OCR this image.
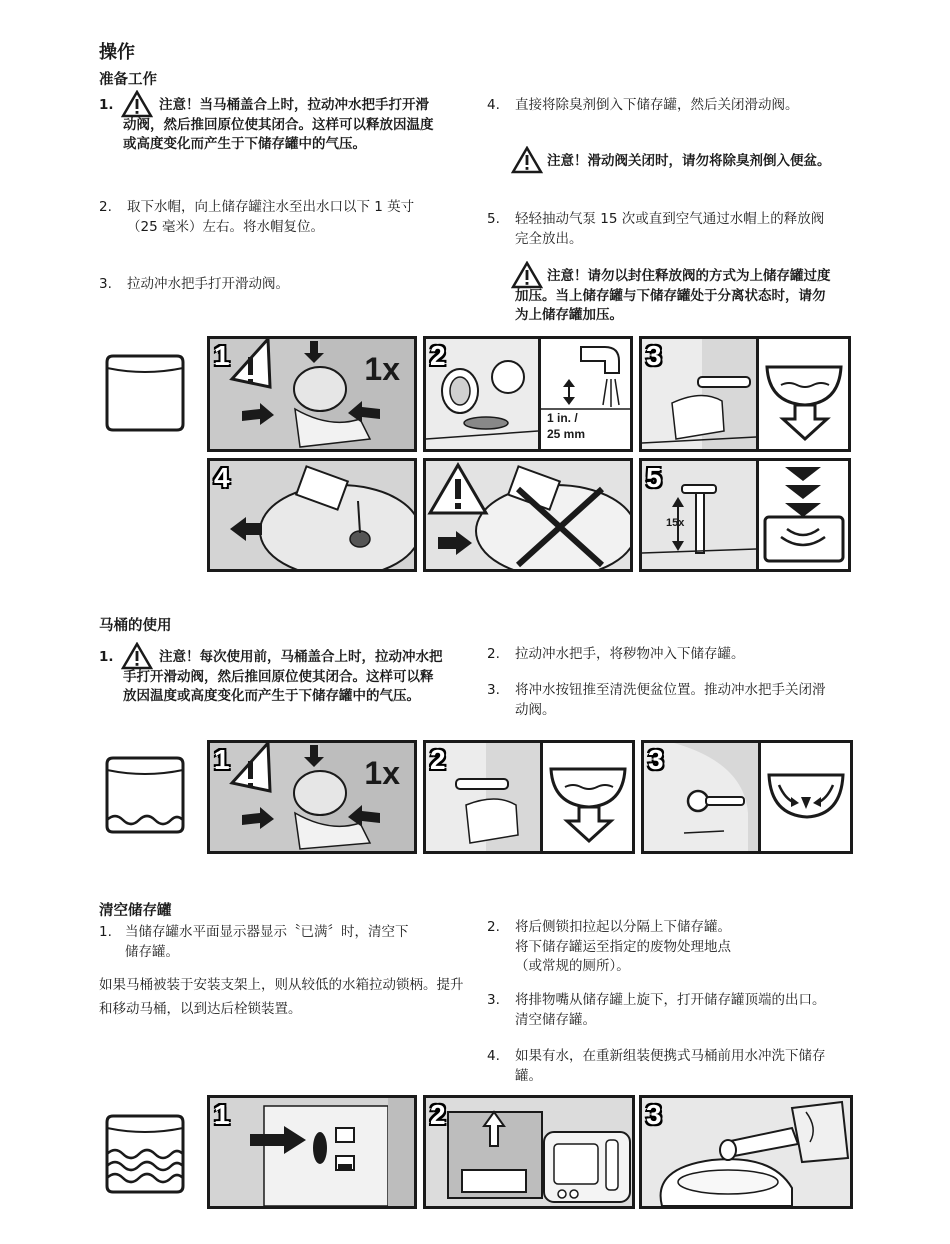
操作
准备工作
1.	注意！当马桶盖合上时，拉动冲水把手打开滑动阀，然后推回原位使其闭合。这样可以释放因温度或高度变化而产生于下储存罐中的气压。
2. 取下水帽，向上储存罐注水至出水口以下 1 英寸（25 毫米）左右。将水帽复位。
3. 拉动冲水把手打开滑动阀。
4. 直接将除臭剂倒入下储存罐，然后关闭滑动阀。
注意！滑动阀关闭时，请勿将除臭剂倒入便盆。
5. 轻轻抽动气泵 15 次或直到空气通过水帽上的释放阀完全放出。
注意！请勿以封住释放阀的方式为上储存罐过度加压。当上储存罐与下储存罐处于分离状态时，请勿为上储存罐加压。
1	1x
1 in. /
25 mm
2	3
4
15x
5
马桶的使用
1.	注意！每次使用前，马桶盖合上时，拉动冲水把手打开滑动阀，然后推回原位使其闭合。这样可以释放因温度或高度变化而产生于下储存罐中的气压。
2. 拉动冲水把手，将秽物冲入下储存罐。
3. 将冲水按钮推至清洗便盆位置。推动冲水把手关闭滑动阀。
1	1x 2	3
清空储存罐
1. 当储存罐水平面显示器显示〝已满〞时，清空下储存罐。
如果马桶被装于安装支架上，则从较低的水箱拉动锁柄。提升和移动马桶，以到达后栓锁装置。
2. 将后侧锁扣拉起以分隔上下储存罐。
将下储存罐运至指定的废物处理地点
（或常规的厕所）。
3. 将排物嘴从储存罐上旋下，打开储存罐顶端的出口。清空储存罐。
4. 如果有水，在重新组装便携式马桶前用水冲洗下储存罐。
1	2	3
